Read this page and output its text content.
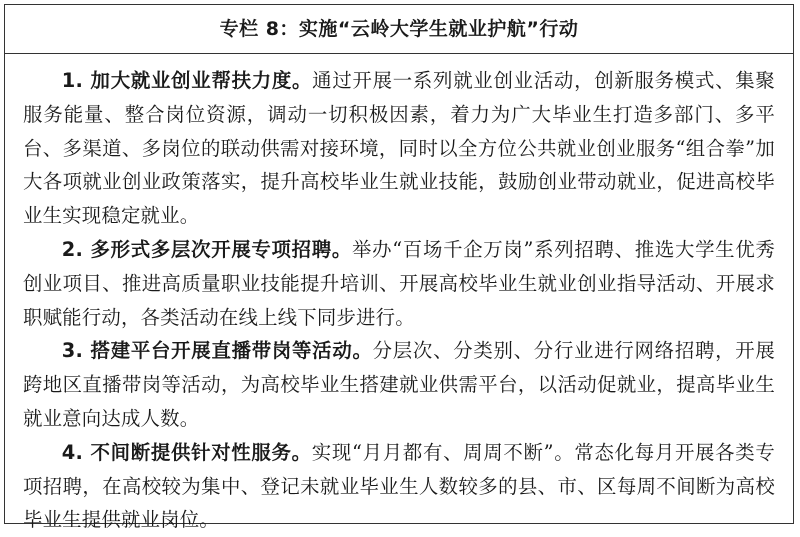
专栏 8：实施“云岭大学生就业护航”行动

1. 加大就业创业帮扶力度。通过开展一系列就业创业活动，创新服务模式、集聚服务能量、整合岗位资源，调动一切积极因素，着力为广大毕业生打造多部门、多平台、多渠道、多岗位的联动供需对接环境，同时以全方位公共就业创业服务“组合拳”加大各项就业创业政策落实，提升高校毕业生就业技能，鼓励创业带动就业，促进高校毕业生实现稳定就业。

2. 多形式多层次开展专项招聘。举办“百场千企万岗”系列招聘、推选大学生优秀创业项目、推进高质量职业技能提升培训、开展高校毕业生就业创业指导活动、开展求职赋能行动，各类活动在线上线下同步进行。

3. 搭建平台开展直播带岗等活动。分层次、分类别、分行业进行网络招聘，开展跨地区直播带岗等活动，为高校毕业生搭建就业供需平台，以活动促就业，提高毕业生就业意向达成人数。

4. 不间断提供针对性服务。实现“月月都有、周周不断”。常态化每月开展各类专项招聘，在高校较为集中、登记未就业毕业生人数较多的县、市、区每周不间断为高校毕业生提供就业岗位。
